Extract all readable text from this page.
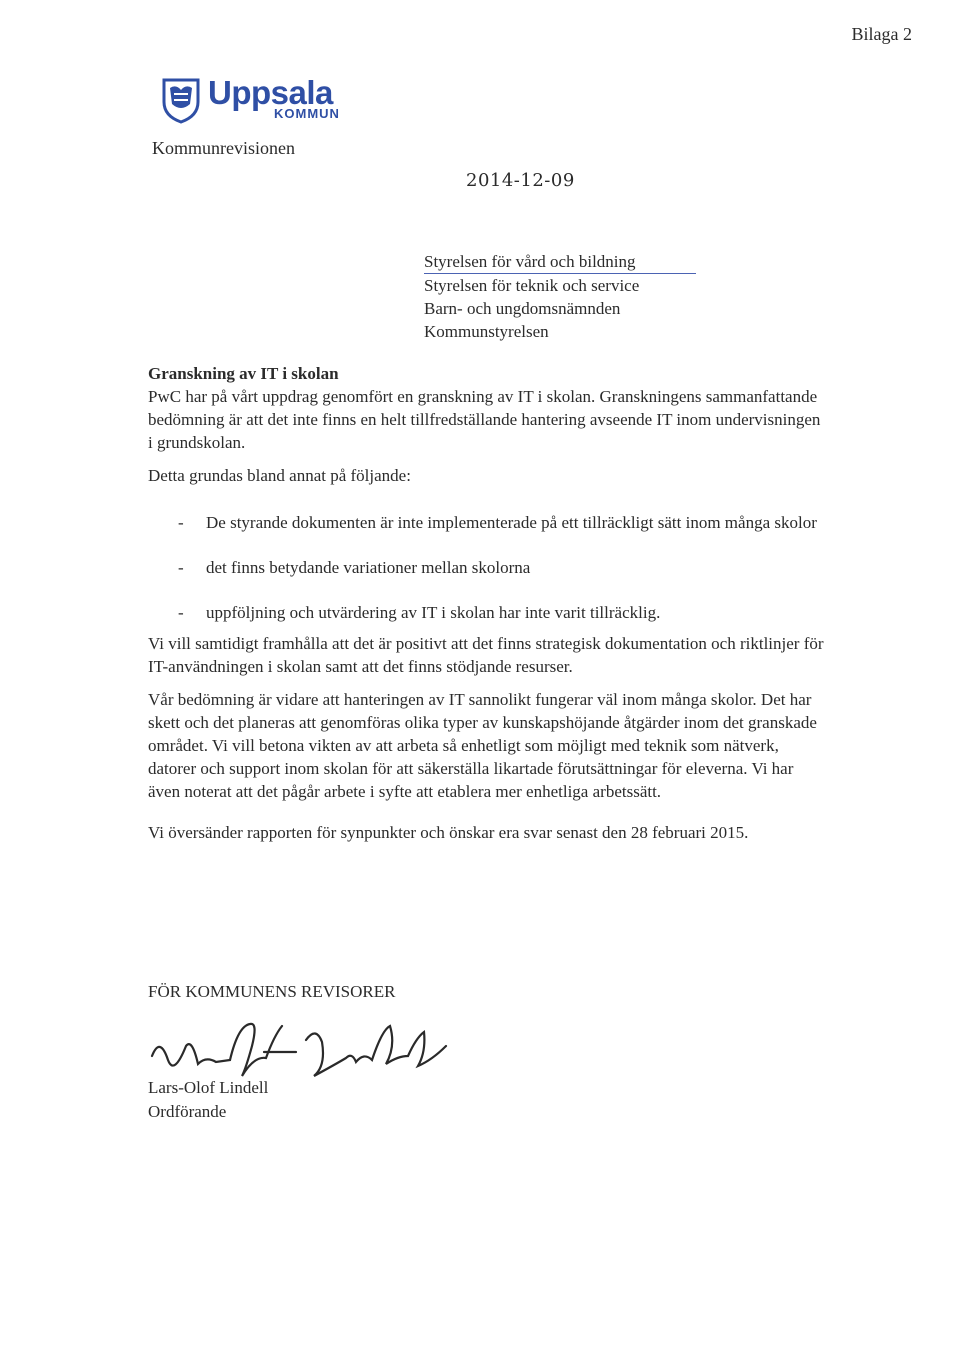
Bilaga 2
Uppsala
KOMMUN
Kommunrevisionen
2014-12-09
Styrelsen för vård och bildning
Styrelsen för teknik och service
Barn- och ungdomsnämnden
Kommunstyrelsen
Granskning av IT i skolan

PwC har på vårt uppdrag genomfört en granskning av IT i skolan. Granskningens sammanfattande bedömning är att det inte finns en helt tillfredställande hantering avseende IT inom undervisningen i grundskolan.

Detta grundas bland annat på följande:

- De styrande dokumenten är inte implementerade på ett tillräckligt sätt inom många skolor
- det finns betydande variationer mellan skolorna
- uppföljning och utvärdering av IT i skolan har inte varit tillräcklig.

Vi vill samtidigt framhålla att det är positivt att det finns strategisk dokumentation och riktlinjer för IT-användningen i skolan samt att det finns stödjande resurser.

Vår bedömning är vidare att hanteringen av IT sannolikt fungerar väl inom många skolor. Det har skett och det planeras att genomföras olika typer av kunskapshöjande åtgärder inom det granskade området. Vi vill betona vikten av att arbeta så enhetligt som möjligt med teknik som nätverk, datorer och support inom skolan för att säkerställa likartade förutsättningar för eleverna. Vi har även noterat att det pågår arbete i syfte att etablera mer enhetliga arbetssätt.

Vi översänder rapporten för synpunkter och önskar era svar senast den 28 februari 2015.

FÖR KOMMUNENS REVISORER
Lars-Olof Lindell
Ordförande
